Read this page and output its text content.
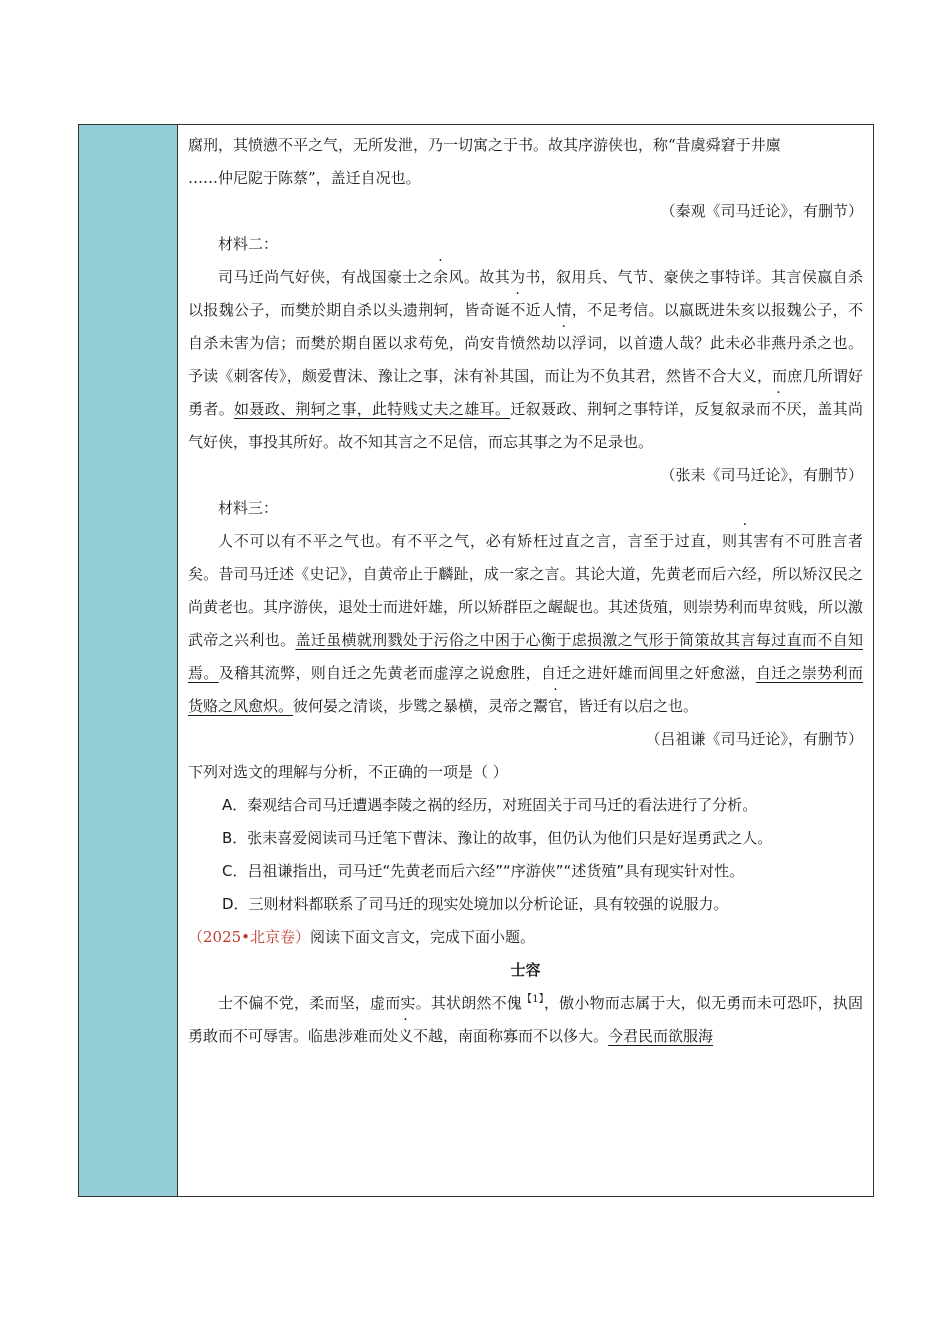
腐刑，其愤懑不平之气，无所发泄，乃一切寓之于书。故其序游侠也，称“昔虞舜窘于井廪

……仲尼阸于陈蔡”，盖迁自况也。

（秦观《司马迁论》，有删节）

材料二：

司马迁尚气好侠，有战国豪士之余风。故其为书，叙用兵、气节、豪侠之事特详。其言侯嬴自杀以报魏公子，而樊於期自杀以头遗荆轲，皆奇诞不近人情，不足考信。以嬴既进朱亥以报魏公子，不自杀未害为信；而樊於期自匿以求苟免，尚安肯愤然劫以浮词，以首遗人哉？此未必非燕丹杀之也。予读《刺客传》，颇爱曹沫、豫让之事，沫有补其国，而让为不负其君，然皆不合大义，而庶几所谓好勇者。如聂政、荆轲之事，此特贱丈夫之雄耳。迁叙聂政、荆轲之事特详，反复叙录而不厌，盖其尚气好侠，事投其所好。故不知其言之不足信，而忘其事之为不足录也。

（张耒《司马迁论》，有删节）

材料三：

人不可以有不平之气也。有不平之气，必有矫枉过直之言，言至于过直，则其害有不可胜言者矣。昔司马迁述《史记》，自黄帝止于麟趾，成一家之言。其论大道，先黄老而后六经，所以矫汉民之尚黄老也。其序游侠，退处士而进奸雄，所以矫群臣之龌龊也。其述货殖，则崇势利而卑贫贱，所以激武帝之兴利也。盖迁虽横就刑戮处于污俗之中困于心衡于虑损激之气形于简策故其言每过直而不自知焉。及稽其流弊，则自迁之先黄老而虚淳之说愈胜，自迁之进奸雄而闾里之奸愈滋，自迁之崇势利而货赂之风愈炽。彼何晏之清谈，步骘之暴横，灵帝之鬻官，皆迁有以启之也。

（吕祖谦《司马迁论》，有删节）

下列对选文的理解与分析，不正确的一项是（ ）

A．秦观结合司马迁遭遇李陵之祸的经历，对班固关于司马迁的看法进行了分析。

B．张耒喜爱阅读司马迁笔下曹沫、豫让的故事，但仍认为他们只是好逞勇武之人。

C．吕祖谦指出，司马迁“先黄老而后六经”“序游侠”“述货殖”具有现实针对性。

D．三则材料都联系了司马迁的现实处境加以分析论证，具有较强的说服力。

（2025•北京卷）阅读下面文言文，完成下面小题。

士容

士不偏不党，柔而坚，虚而实。其状朗然不傀$^{【1】}$，傲小物而志属于大，似无勇而未可恐吓，执固勇敢而不可辱害。临患涉难而处义不越，南面称寡而不以侈大。今君民而欲服海
